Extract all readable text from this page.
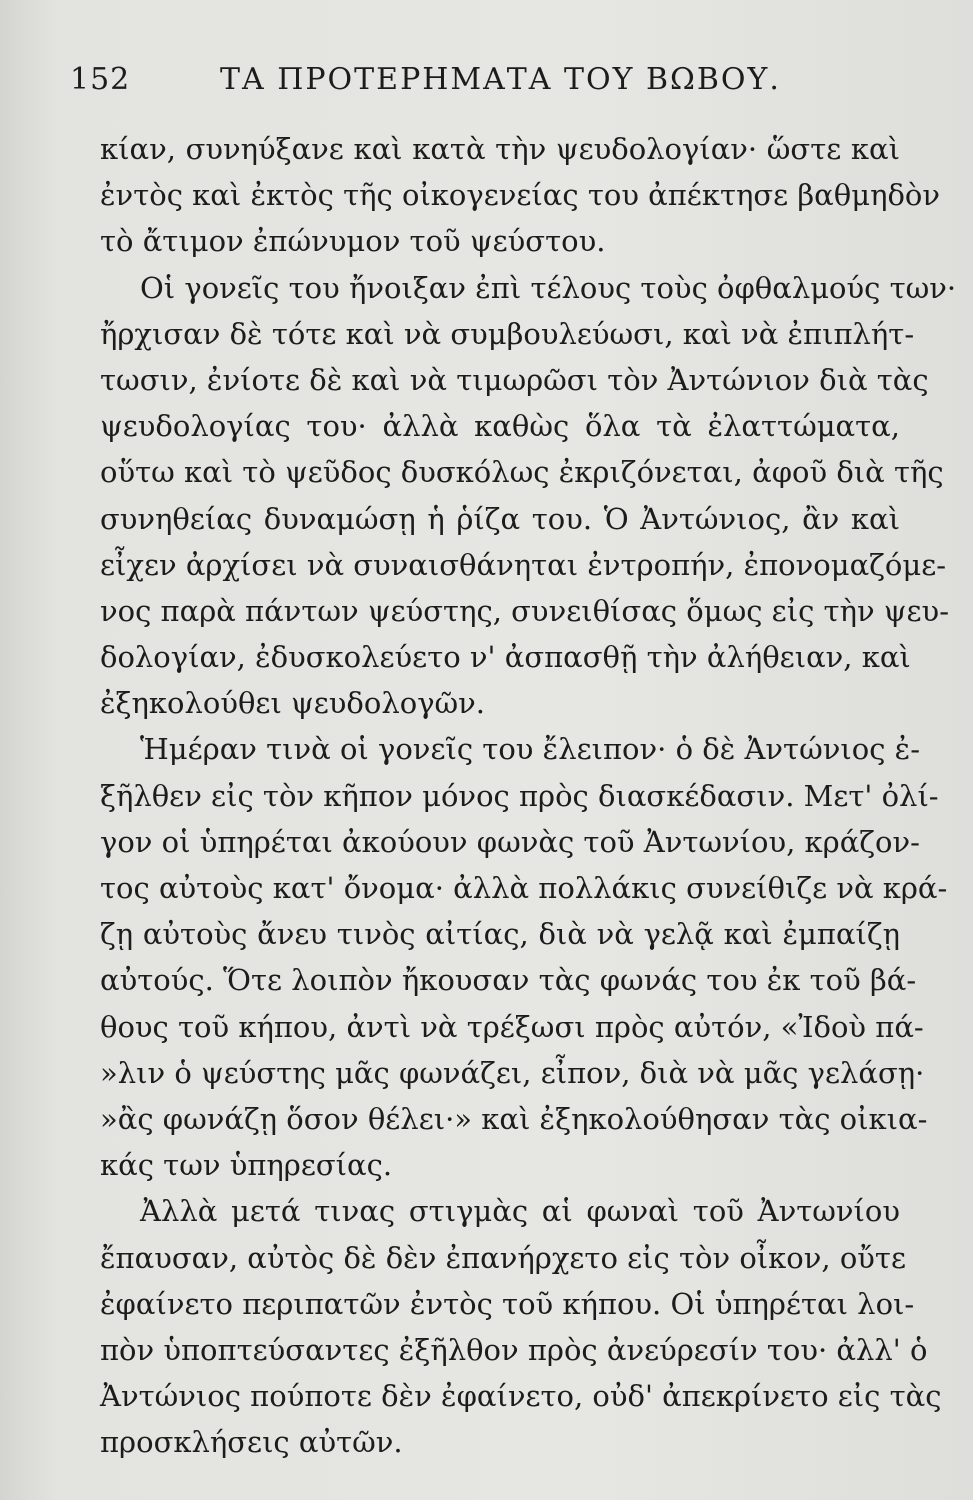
152	ΤΑ ΠΡΟΤΕΡΗΜΑΤΑ ΤΟΥ ΒΩΒΟΥ.
κίαν, συνηύξανε καὶ κατὰ τὴν ψευδολογίαν· ὥστε καὶ
ἐντὸς καὶ ἐκτὸς τῆς οἰκογενείας του ἀπέκτησε βαθμηδὸν
τὸ ἄτιμον ἐπώνυμον τοῦ ψεύστου.
Οἱ γονεῖς του ἤνοιξαν ἐπὶ τέλους τοὺς ὀφθαλμούς των·
ἤρχισαν δὲ τότε καὶ νὰ συμβουλεύωσι, καὶ νὰ ἐπιπλήτ-
τωσιν, ἐνίοτε δὲ καὶ νὰ τιμωρῶσι τὸν Ἀντώνιον διὰ τὰς
ψευδολογίας του· ἀλλὰ καθὼς ὅλα τὰ ἐλαττώματα,
οὕτω καὶ τὸ ψεῦδος δυσκόλως ἐκριζόνεται, ἀφοῦ διὰ τῆς
συνηθείας δυναμώσῃ ἡ ῥίζα του. Ὁ Ἀντώνιος, ἂν καὶ
εἶχεν ἀρχίσει νὰ συναισθάνηται ἐντροπήν, ἐπονομαζόμε-
νος παρὰ πάντων ψεύστης, συνειθίσας ὅμως εἰς τὴν ψευ-
δολογίαν, ἐδυσκολεύετο ν' ἀσπασθῇ τὴν ἀλήθειαν, καὶ
ἐξηκολούθει ψευδολογῶν.
Ἡμέραν τινὰ οἱ γονεῖς του ἔλειπον· ὁ δὲ Ἀντώνιος ἐ-
ξῆλθεν εἰς τὸν κῆπον μόνος πρὸς διασκέδασιν. Μετ' ὀλί-
γον οἱ ὑπηρέται ἀκούουν φωνὰς τοῦ Ἀντωνίου, κράζον-
τος αὐτοὺς κατ' ὄνομα· ἀλλὰ πολλάκις συνείθιζε νὰ κρά-
ζῃ αὐτοὺς ἄνευ τινὸς αἰτίας, διὰ νὰ γελᾷ καὶ ἐμπαίζῃ
αὐτούς. Ὅτε λοιπὸν ἤκουσαν τὰς φωνάς του ἐκ τοῦ βά-
θους τοῦ κήπου, ἀντὶ νὰ τρέξωσι πρὸς αὐτόν, «Ἰδοὺ πά-
»λιν ὁ ψεύστης μᾶς φωνάζει, εἶπον, διὰ νὰ μᾶς γελάσῃ·
»ἂς φωνάζῃ ὅσον θέλει·» καὶ ἐξηκολούθησαν τὰς οἰκια-
κάς των ὑπηρεσίας.
Ἀλλὰ μετά τινας στιγμὰς αἱ φωναὶ τοῦ Ἀντωνίου
ἔπαυσαν, αὐτὸς δὲ δὲν ἐπανήρχετο εἰς τὸν οἶκον, οὔτε
ἐφαίνετο περιπατῶν ἐντὸς τοῦ κήπου. Οἱ ὑπηρέται λοι-
πὸν ὑποπτεύσαντες ἐξῆλθον πρὸς ἀνεύρεσίν του· ἀλλ' ὁ
Ἀντώνιος πούποτε δὲν ἐφαίνετο, οὐδ' ἀπεκρίνετο εἰς τὰς
προσκλήσεις αὐτῶν.
